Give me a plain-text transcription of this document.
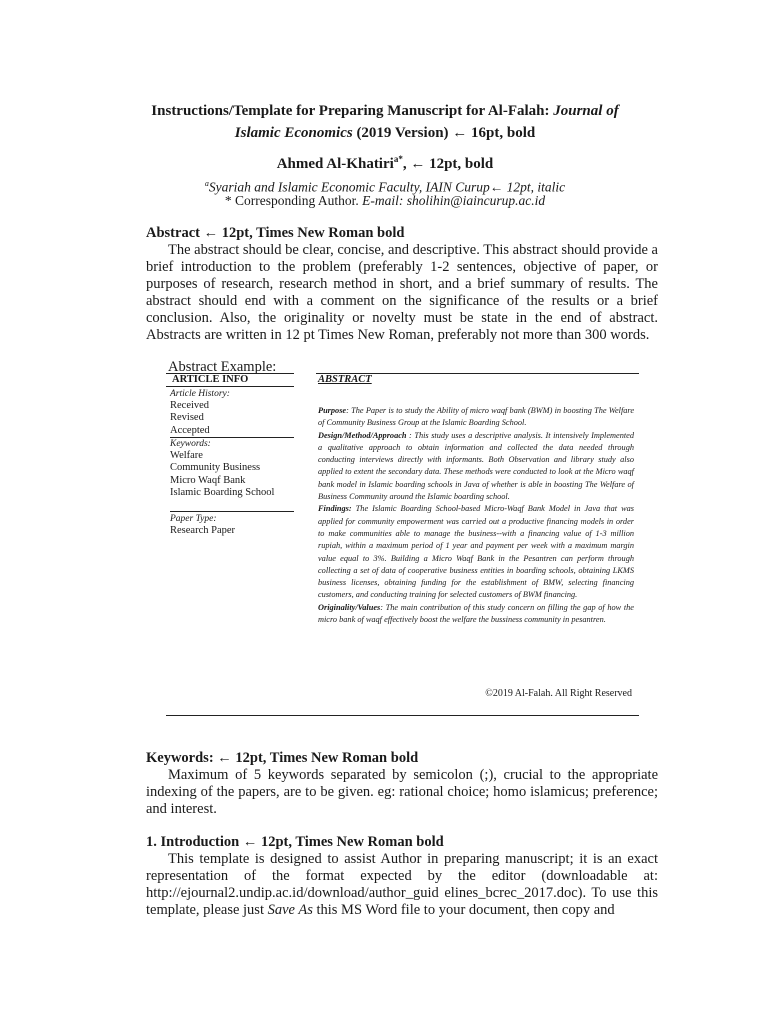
Instructions/Template for Preparing Manuscript for Al-Falah: Journal of
Islamic Economics (2019 Version) ← 16pt, bold
Ahmed Al-Khatiri$^{a*}$, ← 12pt, bold
$^a$Syariah and Islamic Economic Faculty, IAIN Curup← 12pt, italic
* Corresponding Author. E-mail: sholihin@iaincurup.ac.id
Abstract ← 12pt, Times New Roman bold

The abstract should be clear, concise, and descriptive. This abstract should provide a brief introduction to the problem (preferably 1-2 sentences, objective of paper, or purposes of research, research method in short, and a brief summary of results. The abstract should end with a comment on the significance of the results or a brief conclusion. Also, the originality or novelty must be state in the end of abstract. Abstracts are written in 12 pt Times New Roman, preferably not more than 300 words.

Abstract Example:
ARTICLE INFO
Article History:
Received
Revised
Accepted
Keywords:
Welfare
Community Business
Micro Waqf Bank
Islamic Boarding School
Paper Type:
Research Paper
ABSTRACT

Purpose: The Paper is to study the Ability of micro waqf bank (BWM) in boosting The Welfare of Community Business Group at the Islamic Boarding School.

Design/Method/Approach : This study uses a descriptive analysis. It intensively Implemented a qualitative approach to obtain information and collected the data needed through conducting interviews directly with informants. Both Observation and library study also applied to extent the secondary data. These methods were conducted to look at the Micro waqf bank model in Islamic boarding schools in Java of whether is able in boosting The Welfare of Business Community around the Islamic boarding school.

Findings: The Islamic Boarding School-based Micro-Waqf Bank Model in Java that was applied for community empowerment was carried out a productive financing models in order to make communities able to manage the business--with a financing value of 1-3 million rupiah, within a maximum period of 1 year and payment per week with a maximum margin value equal to 3%. Building a Micro Waqf Bank in the Pesantren can perform through collecting a set of data of cooperative business entities in boarding schools, obtaining LKMS business licenses, obtaining funding for the establishment of BMW, selecting financing customers, and conducting training for selected customers of BWM financing.

Originality/Values: The main contribution of this study concern on filling the gap of how the micro bank of waqf effectively boost the welfare the bussiness community in pesantren.

©2019 Al-Falah. All Right Reserved
Keywords: ← 12pt, Times New Roman bold

Maximum of 5 keywords separated by semicolon (;), crucial to the appropriate indexing of the papers, are to be given. eg: rational choice; homo islamicus; preference; and interest.

1. Introduction ← 12pt, Times New Roman bold

This template is designed to assist Author in preparing manuscript; it is an exact representation of the format expected by the editor (downloadable at: http://ejournal2.undip.ac.id/download/author_guid elines_bcrec_2017.doc). To use this template, please just Save As this MS Word file to your document, then copy and
